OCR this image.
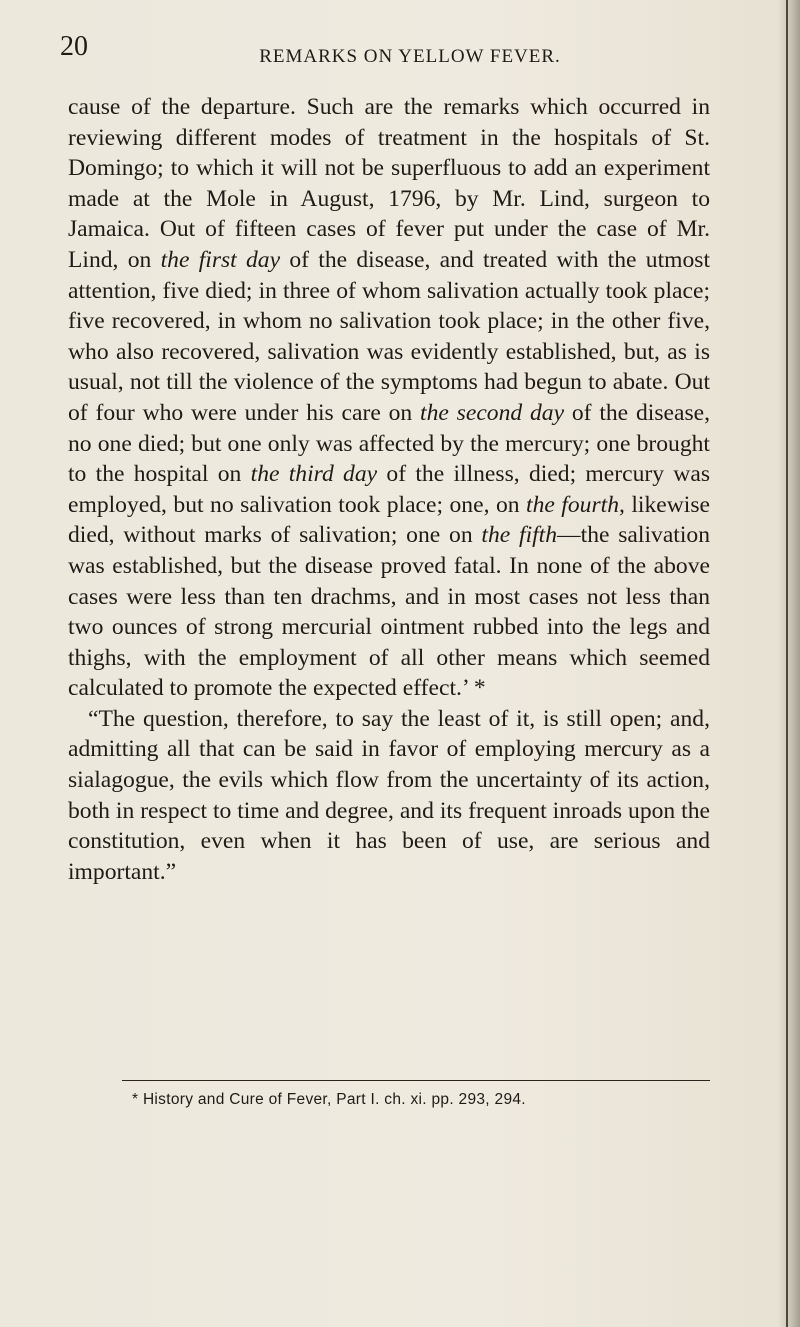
20	REMARKS ON YELLOW FEVER.

cause of the departure. Such are the remarks which occurred in reviewing different modes of treatment in the hospitals of St. Domingo; to which it will not be superfluous to add an experiment made at the Mole in August, 1796, by Mr. Lind, surgeon to Jamaica. Out of fifteen cases of fever put under the case of Mr. Lind, on the first day of the disease, and treated with the utmost attention, five died; in three of whom salivation actually took place; five recovered, in whom no salivation took place; in the other five, who also recovered, salivation was evidently established, but, as is usual, not till the violence of the symptoms had begun to abate. Out of four who were under his care on the second day of the disease, no one died; but one only was affected by the mercury; one brought to the hospital on the third day of the illness, died; mercury was employed, but no salivation took place; one, on the fourth, likewise died, without marks of salivation; one on the fifth—the salivation was established, but the disease proved fatal. In none of the above cases were less than ten drachms, and in most cases not less than two ounces of strong mercurial ointment rubbed into the legs and thighs, with the employment of all other means which seemed calculated to promote the expected effect.’ *

“The question, therefore, to say the least of it, is still open; and, admitting all that can be said in favor of employing mercury as a sialagogue, the evils which flow from the uncertainty of its action, both in respect to time and degree, and its frequent inroads upon the constitution, even when it has been of use, are serious and important.”

* History and Cure of Fever, Part I. ch. xi. pp. 293, 294.
